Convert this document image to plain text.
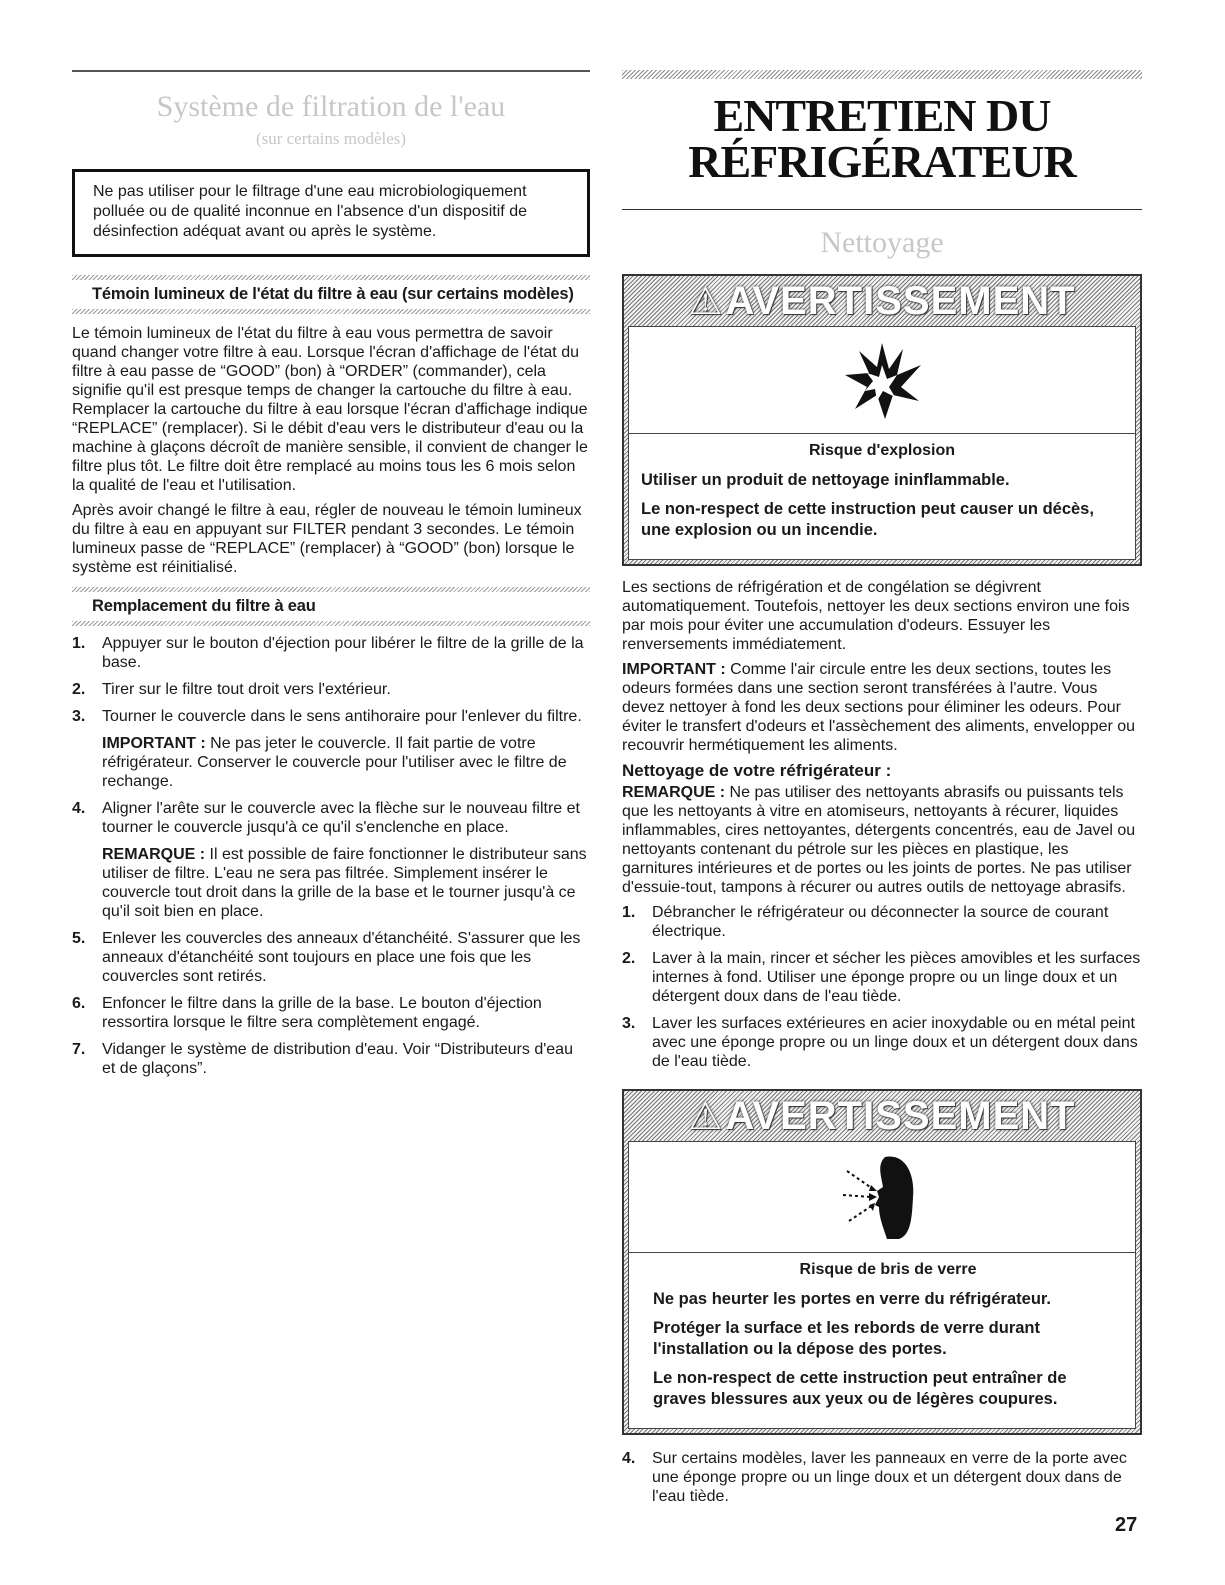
Système de filtration de l'eau
(sur certains modèles)
Ne pas utiliser pour le filtrage d'une eau microbiologiquement polluée ou de qualité inconnue en l'absence d'un dispositif de désinfection adéquat avant ou après le système.
Témoin lumineux de l'état du filtre à eau (sur certains modèles)

Le témoin lumineux de l'état du filtre à eau vous permettra de savoir quand changer votre filtre à eau. Lorsque l'écran d'affichage de l'état du filtre à eau passe de “GOOD” (bon) à “ORDER” (commander), cela signifie qu'il est presque temps de changer la cartouche du filtre à eau. Remplacer la cartouche du filtre à eau lorsque l'écran d'affichage indique “REPLACE” (remplacer). Si le débit d'eau vers le distributeur d'eau ou la machine à glaçons décroît de manière sensible, il convient de changer le filtre plus tôt. Le filtre doit être remplacé au moins tous les 6 mois selon la qualité de l'eau et l'utilisation.

Après avoir changé le filtre à eau, régler de nouveau le témoin lumineux du filtre à eau en appuyant sur FILTER pendant 3 secondes. Le témoin lumineux passe de “REPLACE” (remplacer) à “GOOD” (bon) lorsque le système est réinitialisé.

Remplacement du filtre à eau
1. Appuyer sur le bouton d'éjection pour libérer le filtre de la grille de la base.
2. Tirer sur le filtre tout droit vers l'extérieur.
3. Tourner le couvercle dans le sens antihoraire pour l'enlever du filtre.
IMPORTANT : Ne pas jeter le couvercle. Il fait partie de votre réfrigérateur. Conserver le couvercle pour l'utiliser avec le filtre de rechange.
4. Aligner l'arête sur le couvercle avec la flèche sur le nouveau filtre et tourner le couvercle jusqu'à ce qu'il s'enclenche en place.
REMARQUE : Il est possible de faire fonctionner le distributeur sans utiliser de filtre. L'eau ne sera pas filtrée. Simplement insérer le couvercle tout droit dans la grille de la base et le tourner jusqu'à ce qu'il soit bien en place.
5. Enlever les couvercles des anneaux d'étanchéité. S'assurer que les anneaux d'étanchéité sont toujours en place une fois que les couvercles sont retirés.
6. Enfoncer le filtre dans la grille de la base. Le bouton d'éjection ressortira lorsque le filtre sera complètement engagé.
7. Vidanger le système de distribution d'eau. Voir “Distributeurs d'eau et de glaçons”.
ENTRETIEN DU
RÉFRIGÉRATEUR
Nettoyage
⚠ AVERTISSEMENT
Risque d'explosion
Utiliser un produit de nettoyage ininflammable.
Le non-respect de cette instruction peut causer un décès, une explosion ou un incendie.

Les sections de réfrigération et de congélation se dégivrent automatiquement. Toutefois, nettoyer les deux sections environ une fois par mois pour éviter une accumulation d'odeurs. Essuyer les renversements immédiatement.

IMPORTANT : Comme l'air circule entre les deux sections, toutes les odeurs formées dans une section seront transférées à l'autre. Vous devez nettoyer à fond les deux sections pour éliminer les odeurs. Pour éviter le transfert d'odeurs et l'assèchement des aliments, envelopper ou recouvrir hermétiquement les aliments.

Nettoyage de votre réfrigérateur :

REMARQUE : Ne pas utiliser des nettoyants abrasifs ou puissants tels que les nettoyants à vitre en atomiseurs, nettoyants à récurer, liquides inflammables, cires nettoyantes, détergents concentrés, eau de Javel ou nettoyants contenant du pétrole sur les pièces en plastique, les garnitures intérieures et de portes ou les joints de portes. Ne pas utiliser d'essuie-tout, tampons à récurer ou autres outils de nettoyage abrasifs.

1. Débrancher le réfrigérateur ou déconnecter la source de courant électrique.
2. Laver à la main, rincer et sécher les pièces amovibles et les surfaces internes à fond. Utiliser une éponge propre ou un linge doux et un détergent doux dans de l'eau tiède.
3. Laver les surfaces extérieures en acier inoxydable ou en métal peint avec une éponge propre ou un linge doux et un détergent doux dans de l'eau tiède.
⚠ AVERTISSEMENT
Risque de bris de verre
Ne pas heurter les portes en verre du réfrigérateur.
Protéger la surface et les rebords de verre durant l'installation ou la dépose des portes.
Le non-respect de cette instruction peut entraîner de graves blessures aux yeux ou de légères coupures.
4. Sur certains modèles, laver les panneaux en verre de la porte avec une éponge propre ou un linge doux et un détergent doux dans de l'eau tiède.
27
